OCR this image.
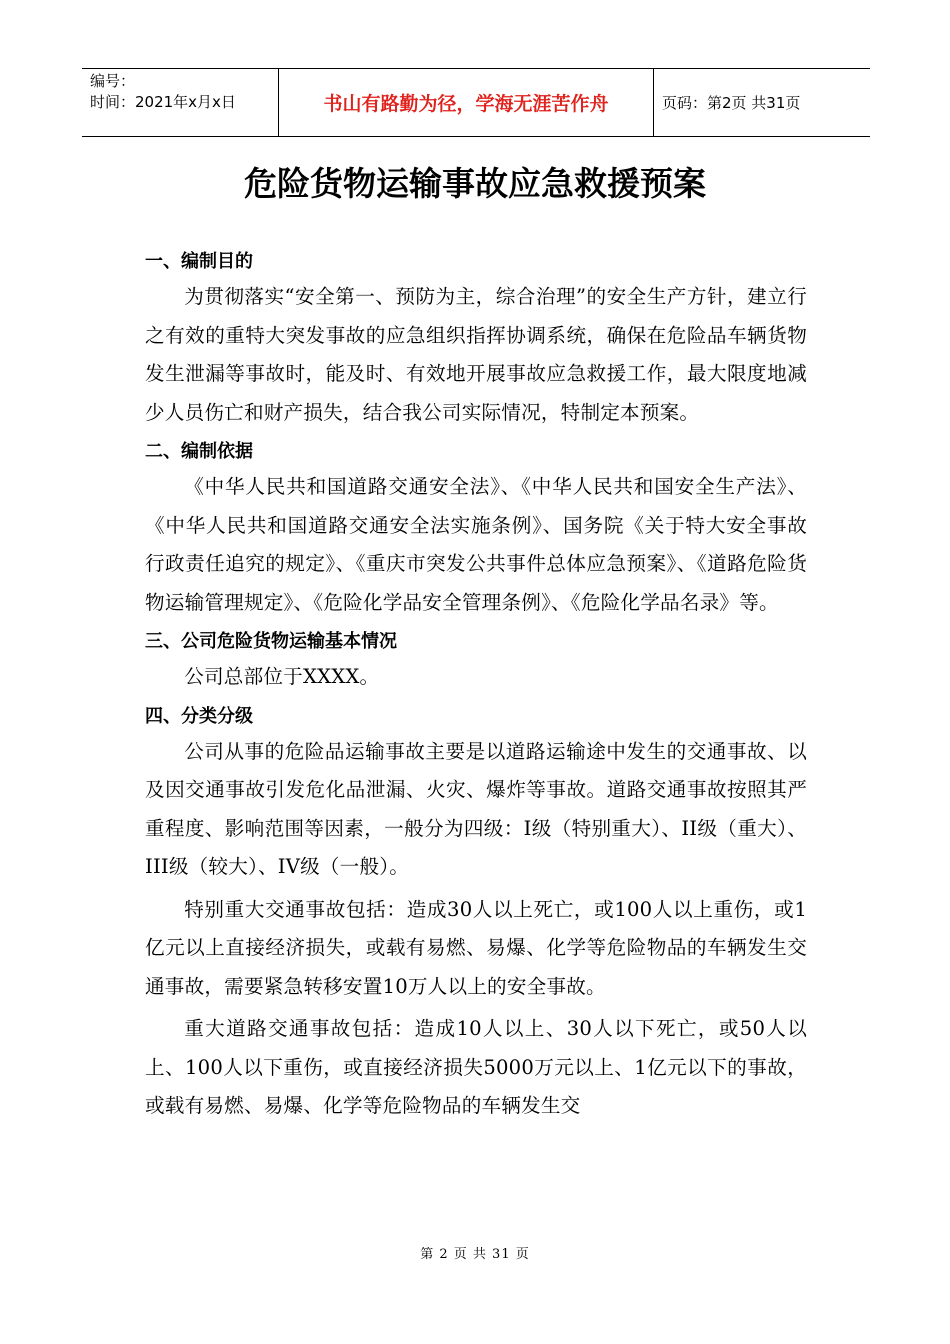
编号：
时间：2021年x月x日	书山有路勤为径，学海无涯苦作舟	页码：第2页 共31页
危险货物运输事故应急救援预案
一、编制目的

为贯彻落实“安全第一、预防为主，综合治理”的安全生产方针，建立行之有效的重特大突发事故的应急组织指挥协调系统，确保在危险品车辆货物发生泄漏等事故时，能及时、有效地开展事故应急救援工作，最大限度地减少人员伤亡和财产损失，结合我公司实际情况，特制定本预案。

二、编制依据

《中华人民共和国道路交通安全法》、《中华人民共和国安全生产法》、《中华人民共和国道路交通安全法实施条例》、国务院《关于特大安全事故行政责任追究的规定》、《重庆市突发公共事件总体应急预案》、《道路危险货物运输管理规定》、《危险化学品安全管理条例》、《危险化学品名录》等。

三、公司危险货物运输基本情况

公司总部位于XXXX。

四、分类分级

公司从事的危险品运输事故主要是以道路运输途中发生的交通事故、以及因交通事故引发危化品泄漏、火灾、爆炸等事故。道路交通事故按照其严重程度、影响范围等因素，一般分为四级：I级（特别重大）、II级（重大）、III级（较大）、IV级（一般）。

特别重大交通事故包括：造成30人以上死亡，或100人以上重伤，或1亿元以上直接经济损失，或载有易燃、易爆、化学等危险物品的车辆发生交通事故，需要紧急转移安置10万人以上的安全事故。

重大道路交通事故包括：造成10人以上、30人以下死亡，或50人以上、100人以下重伤，或直接经济损失5000万元以上、1亿元以下的事故，或载有易燃、易爆、化学等危险物品的车辆发生交

第 2 页 共 31 页
